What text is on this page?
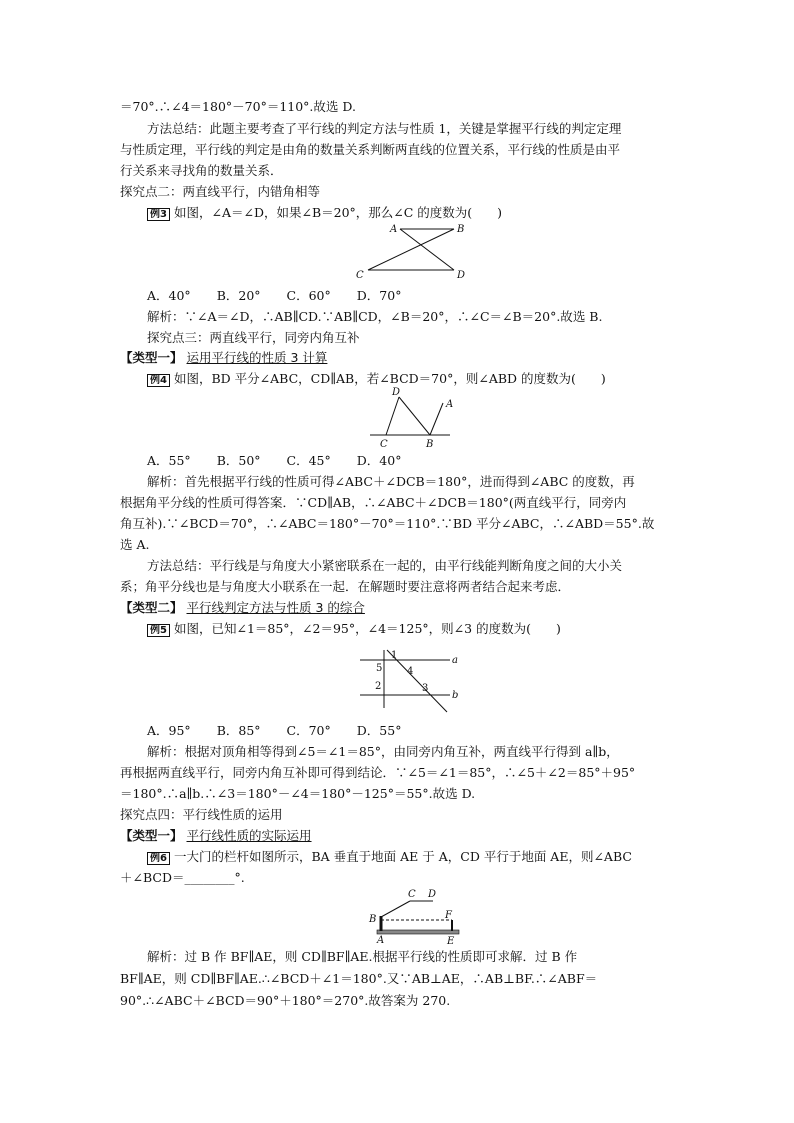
＝70°.∴∠4＝180°－70°＝110°.故选 D.
方法总结：此题主要考查了平行线的判定方法与性质 1，关键是掌握平行线的判定定理
与性质定理，平行线的判定是由角的数量关系判断两直线的位置关系，平行线的性质是由平
行关系来寻找角的数量关系．
探究点二：两直线平行，内错角相等
例3 如图，∠A＝∠D，如果∠B＝20°，那么∠C 的度数为(　　)
A	B
C	D
A．40° B．20° C．60° D．70°
解析：∵∠A＝∠D，∴AB∥CD.∵AB∥CD，∠B＝20°，∴∠C＝∠B＝20°.故选 B.
探究点三：两直线平行，同旁内角互补
【类型一】 运用平行线的性质 3 计算
例4 如图，BD 平分∠ABC，CD∥AB，若∠BCD＝70°，则∠ABD 的度数为(　　)
D
A
C	B
A．55° B．50° C．45° D．40°
解析：首先根据平行线的性质可得∠ABC＋∠DCB＝180°，进而得到∠ABC 的度数，再
根据角平分线的性质可得答案．∵CD∥AB，∴∠ABC＋∠DCB＝180°(两直线平行，同旁内
角互补).∵∠BCD＝70°，∴∠ABC＝180°－70°＝110°.∵BD 平分∠ABC，∴∠ABD＝55°.故
选 A.
方法总结：平行线是与角度大小紧密联系在一起的，由平行线能判断角度之间的大小关
系；角平分线也是与角度大小联系在一起．在解题时要注意将两者结合起来考虑．
【类型二】 平行线判定方法与性质 3 的综合
例5 如图，已知∠1＝85°，∠2＝95°，∠4＝125°，则∠3 的度数为(　　)
a
b
1
5 4
2	3
A．95° B．85° C．70° D．55°
解析：根据对顶角相等得到∠5＝∠1＝85°，由同旁内角互补，两直线平行得到 a∥b，
再根据两直线平行，同旁内角互补即可得到结论．∵∠5＝∠1＝85°，∴∠5＋∠2＝85°＋95°
＝180°.∴a∥b.∴∠3＝180°－∠4＝180°－125°＝55°.故选 D.
探究点四：平行线性质的运用
【类型一】 平行线性质的实际运用
例6 一大门的栏杆如图所示，BA 垂直于地面 AE 于 A，CD 平行于地面 AE，则∠ABC
＋∠BCD＝________°.
C D
B	F
A	E
解析：过 B 作 BF∥AE，则 CD∥BF∥AE.根据平行线的性质即可求解．过 B 作
BF∥AE，则 CD∥BF∥AE.∴∠BCD＋∠1＝180°.又∵AB⊥AE，∴AB⊥BF.∴∠ABF＝
90°.∴∠ABC＋∠BCD＝90°＋180°＝270°.故答案为 270.
